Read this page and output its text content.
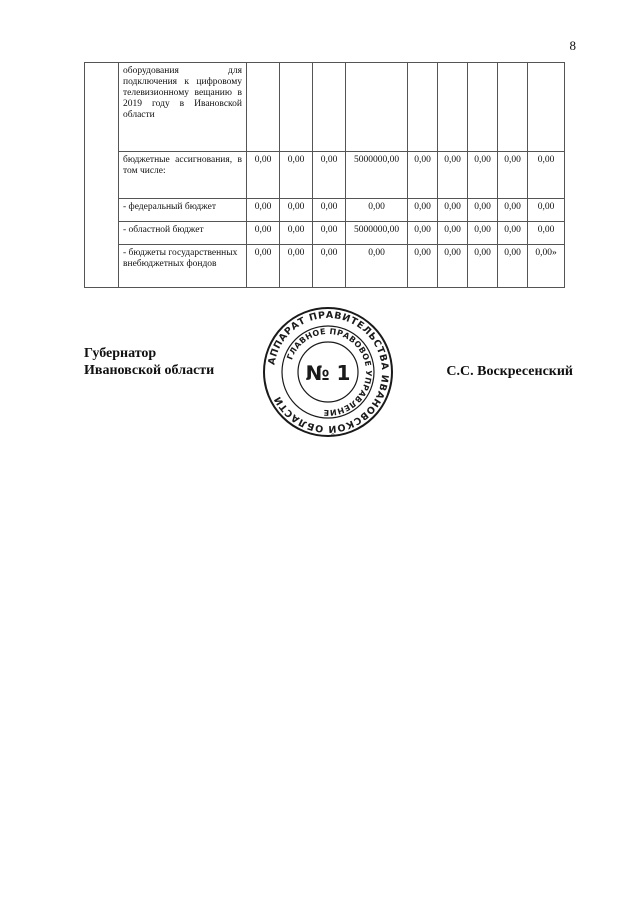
8
	оборудования для подключения к цифровому телевизионному вещанию в 2019 году в Ивановской области									
	бюджетные ассигнования, в том числе:	0,00	0,00	0,00	5000000,00	0,00	0,00	0,00	0,00	0,00
	- федеральный бюджет	0,00	0,00	0,00	0,00	0,00	0,00	0,00	0,00	0,00
	- областной бюджет	0,00	0,00	0,00	5000000,00	0,00	0,00	0,00	0,00	0,00
	- бюджеты государственных внебюджетных фондов	0,00	0,00	0,00	0,00	0,00	0,00	0,00	0,00	0,00»
Губернатор
Ивановской области
АППАРАТ ПРАВИТЕЛЬСТВА ИВАНОВСКОЙ ОБЛАСТИ
ГЛАВНОЕ ПРАВОВОЕ УПРАВЛЕНИЕ
№ 1	С.С. Воскресенский
